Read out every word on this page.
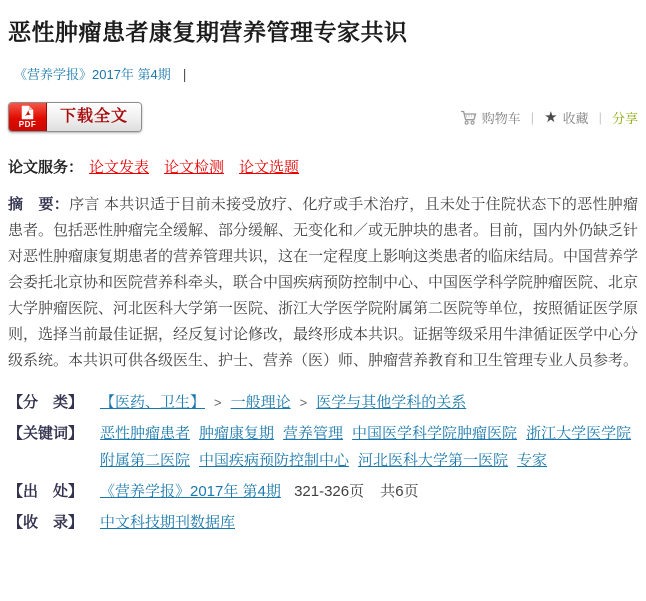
恶性肿瘤患者康复期营养管理专家共识
《营养学报》2017年 第4期 |
PDF	下载全文	购物车 | ★ 收藏 | 分享
论文服务： 论文发表 论文检测 论文选题

摘　要：序言 本共识适于目前未接受放疗、化疗或手术治疗，且未处于住院状态下的恶性肿瘤患者。包括恶性肿瘤完全缓解、部分缓解、无变化和／或无肿块的患者。目前，国内外仍缺乏针对恶性肿瘤康复期患者的营养管理共识，这在一定程度上影响这类患者的临床结局。中国营养学会委托北京协和医院营养科牵头，联合中国疾病预防控制中心、中国医学科学院肿瘤医院、北京大学肿瘤医院、河北医科大学第一医院、浙江大学医学院附属第二医院等单位，按照循证医学原则，选择当前最佳证据，经反复讨论修改，最终形成本共识。证据等级采用牛津循证医学中心分级系统。本共识可供各级医生、护士、营养（医）师、肿瘤营养教育和卫生管理专业人员参考。

【分　类】	【医药、卫生】 > 一般理论 > 医学与其他学科的关系
【关键词】	恶性肿瘤患者 肿瘤康复期 营养管理 中国医学科学院肿瘤医院 浙江大学医学院附属第二医院 中国疾病预防控制中心 河北医科大学第一医院 专家
【出　处】	《营养学报》2017年 第4期 321-326页 共6页
【收　录】	中文科技期刊数据库
